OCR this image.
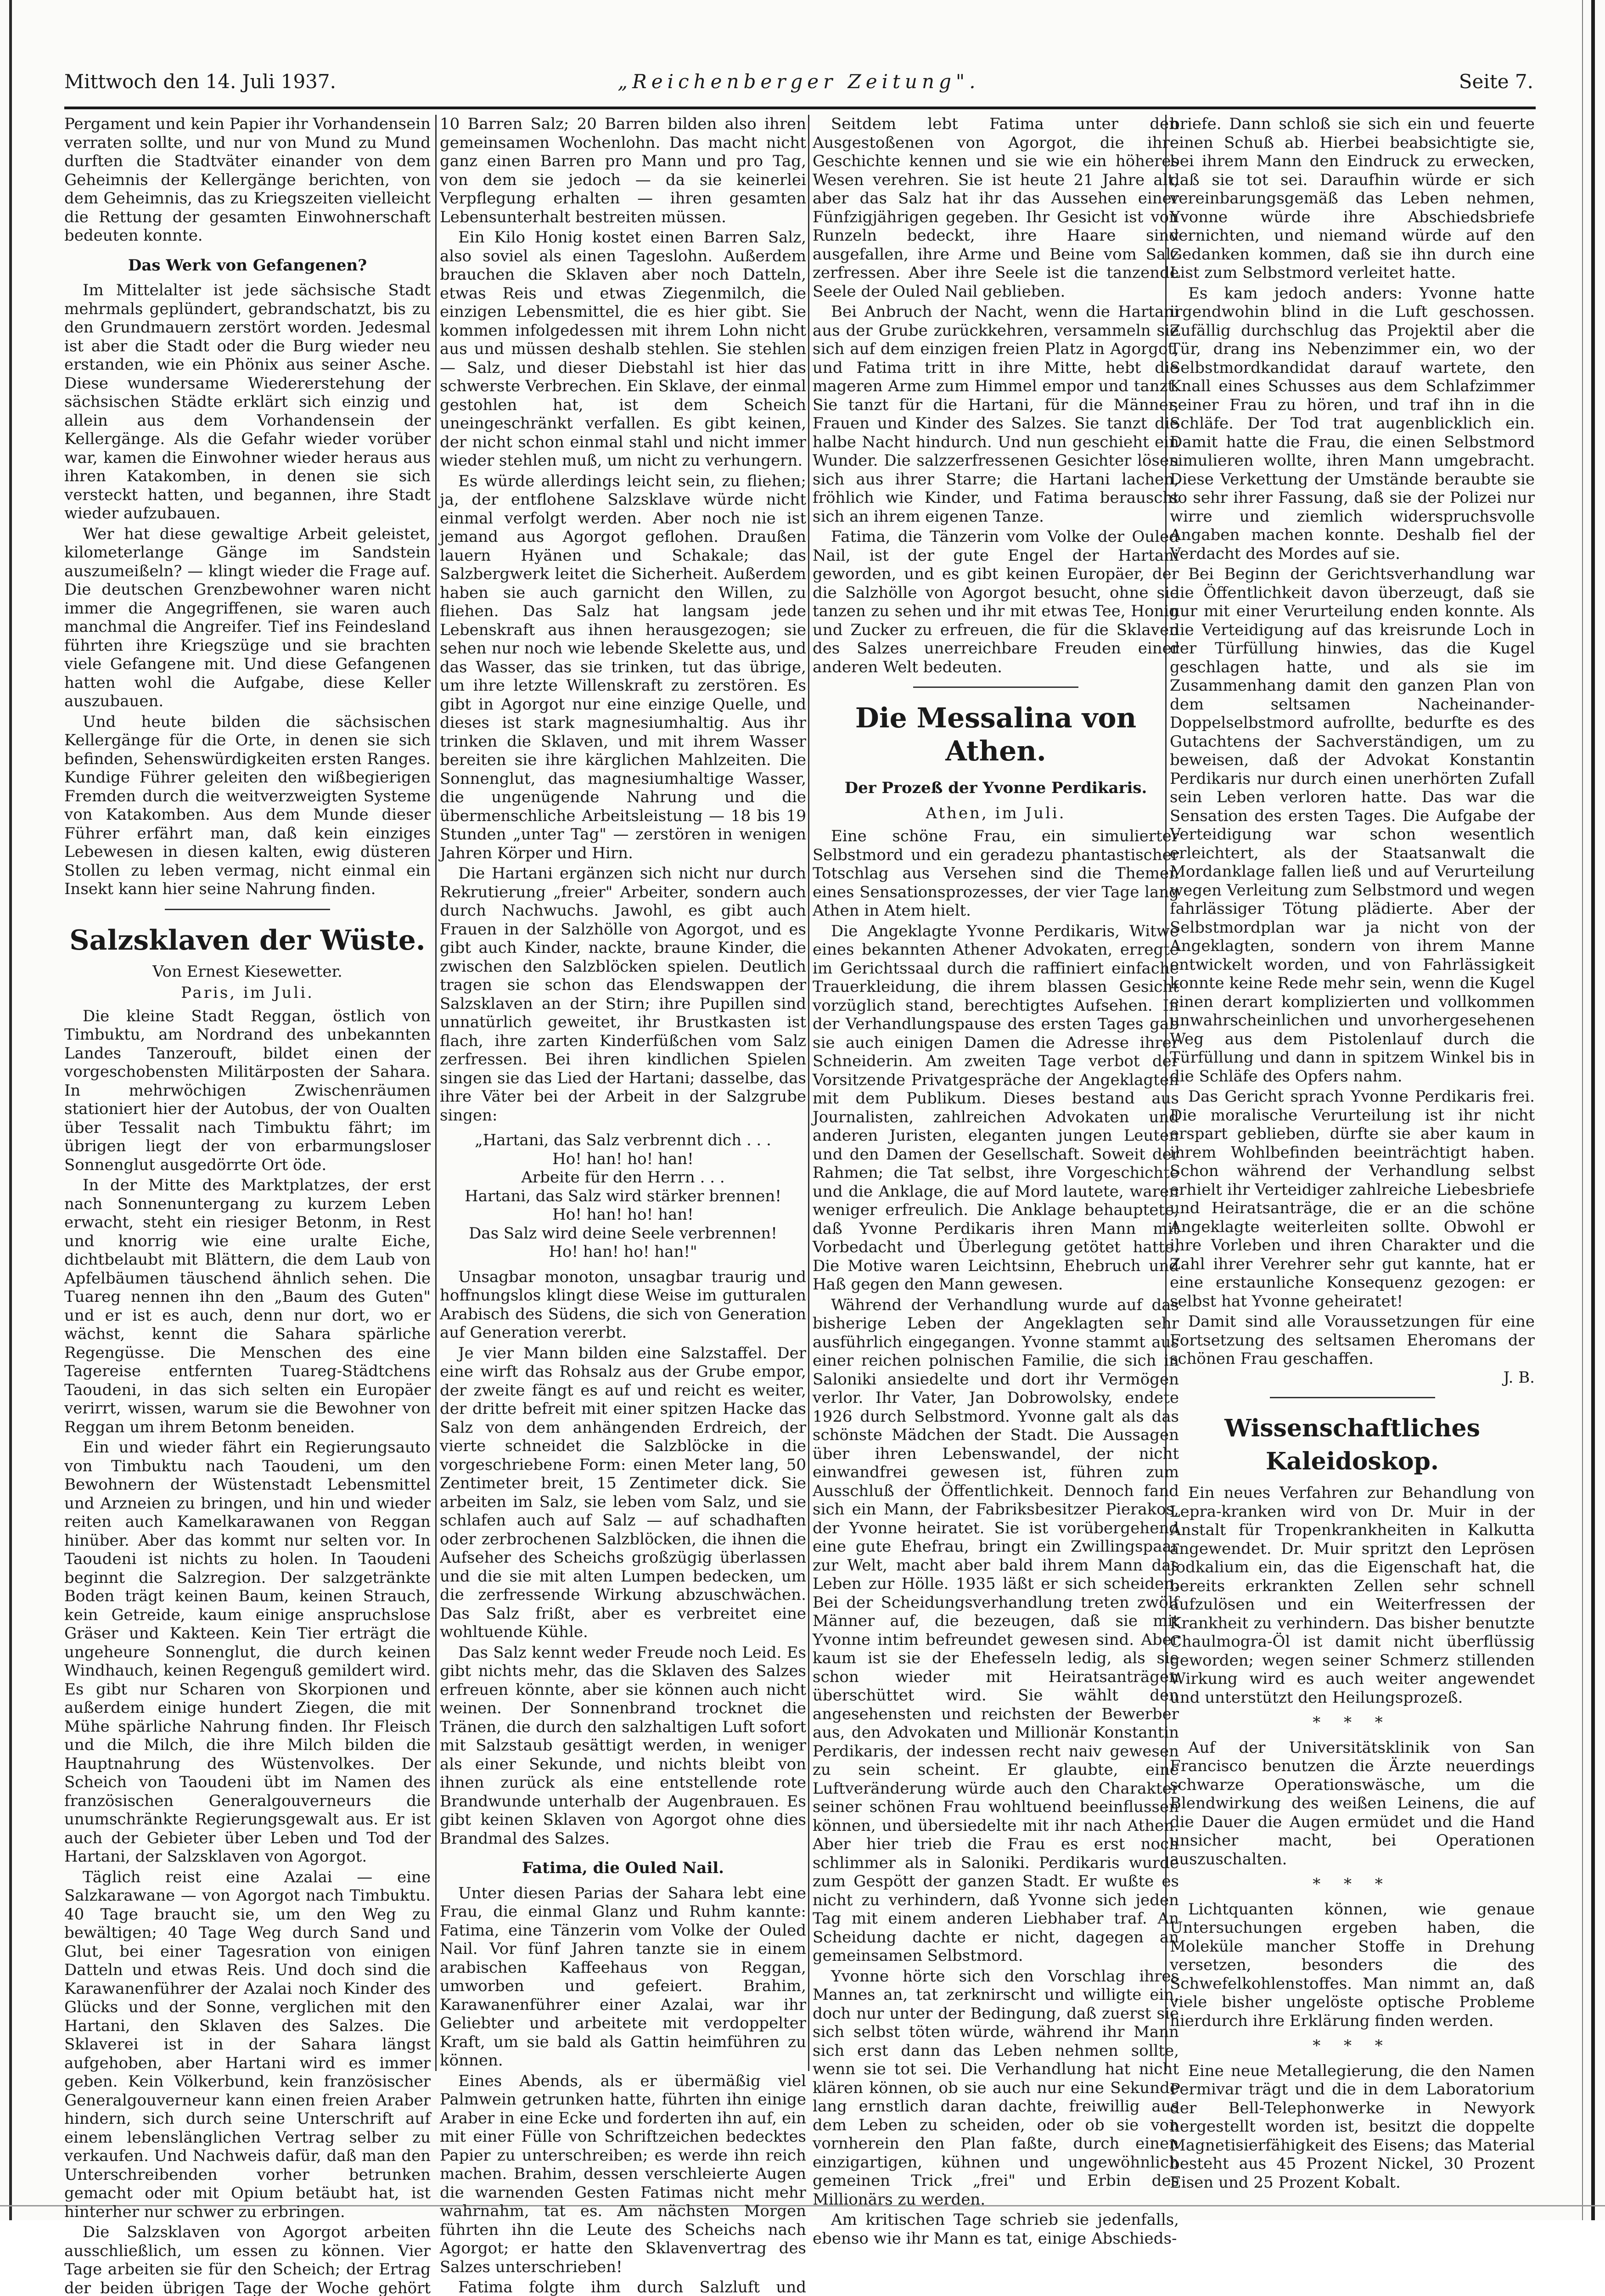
„Reichenberger Zeitung".
Mittwoch den 14. Juli 1937.	Seite 7.

Pergament und kein Papier ihr Vorhandensein verraten sollte, und nur von Mund zu Mund durften die Stadtväter einander von dem Geheimnis der Kellergänge berichten, von dem Geheimnis, das zu Kriegszeiten vielleicht die Rettung der gesamten Einwohnerschaft bedeuten konnte.

Das Werk von Gefangenen?

Im Mittelalter ist jede sächsische Stadt mehrmals geplündert, gebrandschatzt, bis zu den Grundmauern zerstört worden. Jedesmal ist aber die Stadt oder die Burg wieder neu erstanden, wie ein Phönix aus seiner Asche. Diese wundersame Wiedererstehung der sächsischen Städte erklärt sich einzig und allein aus dem Vorhandensein der Kellergänge. Als die Gefahr wieder vorüber war, kamen die Einwohner wieder heraus aus ihren Katakomben, in denen sie sich versteckt hatten, und begannen, ihre Stadt wieder aufzubauen.

Wer hat diese gewaltige Arbeit geleistet, kilometerlange Gänge im Sandstein auszumeißeln? — klingt wieder die Frage auf. Die deutschen Grenzbewohner waren nicht immer die Angegriffenen, sie waren auch manchmal die Angreifer. Tief ins Feindesland führten ihre Kriegszüge und sie brachten viele Gefangene mit. Und diese Gefangenen hatten wohl die Aufgabe, diese Keller auszubauen.

Und heute bilden die sächsischen Kellergänge für die Orte, in denen sie sich befinden, Sehenswürdigkeiten ersten Ranges. Kundige Führer geleiten den wißbegierigen Fremden durch die weitverzweigten Systeme von Katakomben. Aus dem Munde dieser Führer erfährt man, daß kein einziges Lebewesen in diesen kalten, ewig düsteren Stollen zu leben vermag, nicht einmal ein Insekt kann hier seine Nahrung finden.

Salzsklaven der Wüste.
Von Ernest Kiesewetter.
Paris, im Juli.

Die kleine Stadt Reggan, östlich von Timbuktu, am Nordrand des unbekannten Landes Tanzerouft, bildet einen der vorgeschobensten Militärposten der Sahara. In mehrwöchigen Zwischenräumen stationiert hier der Autobus, der von Oualten über Tessalit nach Timbuktu fährt; im übrigen liegt der von erbarmungsloser Sonnenglut ausgedörrte Ort öde.

In der Mitte des Marktplatzes, der erst nach Sonnenuntergang zu kurzem Leben erwacht, steht ein riesiger Betonm, in Rest und knorrig wie eine uralte Eiche, dichtbelaubt mit Blättern, die dem Laub von Apfelbäumen täuschend ähnlich sehen. Die Tuareg nennen ihn den „Baum des Guten" und er ist es auch, denn nur dort, wo er wächst, kennt die Sahara spärliche Regengüsse. Die Menschen des eine Tagereise entfernten Tuareg-Städtchens Taoudeni, in das sich selten ein Europäer verirrt, wissen, warum sie die Bewohner von Reggan um ihrem Betonm beneiden.

Ein und wieder fährt ein Regierungsauto von Timbuktu nach Taoudeni, um den Bewohnern der Wüstenstadt Lebensmittel und Arzneien zu bringen, und hin und wieder reiten auch Kamelkarawanen von Reggan hinüber. Aber das kommt nur selten vor. In Taoudeni ist nichts zu holen. In Taoudeni beginnt die Salzregion. Der salzgetränkte Boden trägt keinen Baum, keinen Strauch, kein Getreide, kaum einige anspruchslose Gräser und Kakteen. Kein Tier erträgt die ungeheure Sonnenglut, die durch keinen Windhauch, keinen Regenguß gemildert wird. Es gibt nur Scharen von Skorpionen und außerdem einige hundert Ziegen, die mit Mühe spärliche Nahrung finden. Ihr Fleisch und die Milch, die ihre Milch bilden die Hauptnahrung des Wüstenvolkes. Der Scheich von Taoudeni übt im Namen des französischen Generalgouverneurs die unumschränkte Regierungsgewalt aus. Er ist auch der Gebieter über Leben und Tod der Hartani, der Salzsklaven von Agorgot.

Täglich reist eine Azalai — eine Salzkarawane — von Agorgot nach Timbuktu. 40 Tage braucht sie, um den Weg zu bewältigen; 40 Tage Weg durch Sand und Glut, bei einer Tagesration von einigen Datteln und etwas Reis. Und doch sind die Karawanenführer der Azalai noch Kinder des Glücks und der Sonne, verglichen mit den Hartani, den Sklaven des Salzes. Die Sklaverei ist in der Sahara längst aufgehoben, aber Hartani wird es immer geben. Kein Völkerbund, kein französischer Generalgouverneur kann einen freien Araber hindern, sich durch seine Unterschrift auf einem lebenslänglichen Vertrag selber zu verkaufen. Und Nachweis dafür, daß man den Unterschreibenden vorher betrunken gemacht oder mit Opium betäubt hat, ist hinterher nur schwer zu erbringen.

Die Salzsklaven von Agorgot arbeiten ausschließlich, um essen zu können. Vier Tage arbeiten sie für den Scheich; der Ertrag der beiden übrigen Tage der Woche gehört

10 Barren Salz; 20 Barren bilden also ihren gemeinsamen Wochenlohn. Das macht nicht ganz einen Barren pro Mann und pro Tag, von dem sie jedoch — da sie keinerlei Verpflegung erhalten — ihren gesamten Lebensunterhalt bestreiten müssen.

Ein Kilo Honig kostet einen Barren Salz, also soviel als einen Tageslohn. Außerdem brauchen die Sklaven aber noch Datteln, etwas Reis und etwas Ziegenmilch, die einzigen Lebensmittel, die es hier gibt. Sie kommen infolgedessen mit ihrem Lohn nicht aus und müssen deshalb stehlen. Sie stehlen — Salz, und dieser Diebstahl ist hier das schwerste Verbrechen. Ein Sklave, der einmal gestohlen hat, ist dem Scheich uneingeschränkt verfallen. Es gibt keinen, der nicht schon einmal stahl und nicht immer wieder stehlen muß, um nicht zu verhungern.

Es würde allerdings leicht sein, zu fliehen; ja, der entflohene Salzsklave würde nicht einmal verfolgt werden. Aber noch nie ist jemand aus Agorgot geflohen. Draußen lauern Hyänen und Schakale; das Salzbergwerk leitet die Sicherheit. Außerdem haben sie auch garnicht den Willen, zu fliehen. Das Salz hat langsam jede Lebenskraft aus ihnen herausgezogen; sie sehen nur noch wie lebende Skelette aus, und das Wasser, das sie trinken, tut das übrige, um ihre letzte Willenskraft zu zerstören. Es gibt in Agorgot nur eine einzige Quelle, und dieses ist stark magnesiumhaltig. Aus ihr trinken die Sklaven, und mit ihrem Wasser bereiten sie ihre kärglichen Mahlzeiten. Die Sonnenglut, das magnesiumhaltige Wasser, die ungenügende Nahrung und die übermenschliche Arbeitsleistung — 18 bis 19 Stunden „unter Tag" — zerstören in wenigen Jahren Körper und Hirn.

Die Hartani ergänzen sich nicht nur durch Rekrutierung „freier" Arbeiter, sondern auch durch Nachwuchs. Jawohl, es gibt auch Frauen in der Salzhölle von Agorgot, und es gibt auch Kinder, nackte, braune Kinder, die zwischen den Salzblöcken spielen. Deutlich tragen sie schon das Elendswappen der Salzsklaven an der Stirn; ihre Pupillen sind unnatürlich geweitet, ihr Brustkasten ist flach, ihre zarten Kinderfüßchen vom Salz zerfressen. Bei ihren kindlichen Spielen singen sie das Lied der Hartani; dasselbe, das ihre Väter bei der Arbeit in der Salzgrube singen:

„Hartani, das Salz verbrennt dich . . .
Ho! han! ho! han!
Arbeite für den Herrn . . .
Hartani, das Salz wird stärker brennen!
Ho! han! ho! han!
Das Salz wird deine Seele verbrennen!
Ho! han! ho! han!"

Unsagbar monoton, unsagbar traurig und hoffnungslos klingt diese Weise im gutturalen Arabisch des Südens, die sich von Generation auf Generation vererbt.

Je vier Mann bilden eine Salzstaffel. Der eine wirft das Rohsalz aus der Grube empor, der zweite fängt es auf und reicht es weiter, der dritte befreit mit einer spitzen Hacke das Salz von dem anhängenden Erdreich, der vierte schneidet die Salzblöcke in die vorgeschriebene Form: einen Meter lang, 50 Zentimeter breit, 15 Zentimeter dick. Sie arbeiten im Salz, sie leben vom Salz, und sie schlafen auch auf Salz — auf schadhaften oder zerbrochenen Salzblöcken, die ihnen die Aufseher des Scheichs großzügig überlassen und die sie mit alten Lumpen bedecken, um die zerfressende Wirkung abzuschwächen. Das Salz frißt, aber es verbreitet eine wohltuende Kühle.

Das Salz kennt weder Freude noch Leid. Es gibt nichts mehr, das die Sklaven des Salzes erfreuen könnte, aber sie können auch nicht weinen. Der Sonnenbrand trocknet die Tränen, die durch den salzhaltigen Luft sofort mit Salzstaub gesättigt werden, in weniger als einer Sekunde, und nichts bleibt von ihnen zurück als eine entstellende rote Brandwunde unterhalb der Augenbrauen. Es gibt keinen Sklaven von Agorgot ohne dies Brandmal des Salzes.

Fatima, die Ouled Nail.

Unter diesen Parias der Sahara lebt eine Frau, die einmal Glanz und Ruhm kannte: Fatima, eine Tänzerin vom Volke der Ouled Nail. Vor fünf Jahren tanzte sie in einem arabischen Kaffeehaus von Reggan, umworben und gefeiert. Brahim, Karawanenführer einer Azalai, war ihr Geliebter und arbeitete mit verdoppelter Kraft, um sie bald als Gattin heimführen zu können.

Eines Abends, als er übermäßig viel Palmwein getrunken hatte, führten ihn einige Araber in eine Ecke und forderten ihn auf, ein mit einer Fülle von Schriftzeichen bedecktes Papier zu unterschreiben; es werde ihn reich machen. Brahim, dessen verschleierte Augen die warnenden Gesten Fatimas nicht mehr wahrnahm, tat es. Am nächsten Morgen führten ihn die Leute des Scheichs nach Agorgot; er hatte den Sklavenvertrag des Salzes unterschrieben!

Fatima folgte ihm durch Salzluft und

Seitdem lebt Fatima unter den Ausgestoßenen von Agorgot, die ihre Geschichte kennen und sie wie ein höheres Wesen verehren. Sie ist heute 21 Jahre alt, aber das Salz hat ihr das Aussehen einer Fünfzigjährigen gegeben. Ihr Gesicht ist von Runzeln bedeckt, ihre Haare sind ausgefallen, ihre Arme und Beine vom Salz zerfressen. Aber ihre Seele ist die tanzende Seele der Ouled Nail geblieben.

Bei Anbruch der Nacht, wenn die Hartani aus der Grube zurückkehren, versammeln sie sich auf dem einzigen freien Platz in Agorgot, und Fatima tritt in ihre Mitte, hebt die mageren Arme zum Himmel empor und tanzt. Sie tanzt für die Hartani, für die Männer, Frauen und Kinder des Salzes. Sie tanzt die halbe Nacht hindurch. Und nun geschieht ein Wunder. Die salzzerfressenen Gesichter lösen sich aus ihrer Starre; die Hartani lachen, fröhlich wie Kinder, und Fatima berauscht sich an ihrem eigenen Tanze.

Fatima, die Tänzerin vom Volke der Ouled Nail, ist der gute Engel der Hartani geworden, und es gibt keinen Europäer, der die Salzhölle von Agorgot besucht, ohne sie tanzen zu sehen und ihr mit etwas Tee, Honig und Zucker zu erfreuen, die für die Sklaven des Salzes unerreichbare Freuden einer anderen Welt bedeuten.

Die Messalina von Athen.
Der Prozeß der Yvonne Perdikaris.
Athen, im Juli.

Eine schöne Frau, ein simulierter Selbstmord und ein geradezu phantastischer Totschlag aus Versehen sind die Themen eines Sensationsprozesses, der vier Tage lang Athen in Atem hielt.

Die Angeklagte Yvonne Perdikaris, Witwe eines bekannten Athener Advokaten, erregte im Gerichtssaal durch die raffiniert einfache Trauerkleidung, die ihrem blassen Gesicht vorzüglich stand, berechtigtes Aufsehen. In der Verhandlungspause des ersten Tages gab sie auch einigen Damen die Adresse ihrer Schneiderin. Am zweiten Tage verbot der Vorsitzende Privatgespräche der Angeklagten mit dem Publikum. Dieses bestand aus Journalisten, zahlreichen Advokaten und anderen Juristen, eleganten jungen Leuten und den Damen der Gesellschaft. Soweit der Rahmen; die Tat selbst, ihre Vorgeschichte und die Anklage, die auf Mord lautete, waren weniger erfreulich. Die Anklage behauptete, daß Yvonne Perdikaris ihren Mann mit Vorbedacht und Überlegung getötet hatte. Die Motive waren Leichtsinn, Ehebruch und Haß gegen den Mann gewesen.

Während der Verhandlung wurde auf das bisherige Leben der Angeklagten sehr ausführlich eingegangen. Yvonne stammt aus einer reichen polnischen Familie, die sich in Saloniki ansiedelte und dort ihr Vermögen verlor. Ihr Vater, Jan Dobrowolsky, endete 1926 durch Selbstmord. Yvonne galt als das schönste Mädchen der Stadt. Die Aussagen über ihren Lebenswandel, der nicht einwandfrei gewesen ist, führen zum Ausschluß der Öffentlichkeit. Dennoch fand sich ein Mann, der Fabriksbesitzer Pierakos, der Yvonne heiratet. Sie ist vorübergehend eine gute Ehefrau, bringt ein Zwillingspaar zur Welt, macht aber bald ihrem Mann das Leben zur Hölle. 1935 läßt er sich scheiden. Bei der Scheidungsverhandlung treten zwölf Männer auf, die bezeugen, daß sie mit Yvonne intim befreundet gewesen sind. Aber kaum ist sie der Ehefesseln ledig, als sie schon wieder mit Heiratsanträgen überschüttet wird. Sie wählt den angesehensten und reichsten der Bewerber aus, den Advokaten und Millionär Konstantin Perdikaris, der indessen recht naiv gewesen zu sein scheint. Er glaubte, eine Luftveränderung würde auch den Charakter seiner schönen Frau wohltuend beeinflussen können, und übersiedelte mit ihr nach Athen. Aber hier trieb die Frau es erst noch schlimmer als in Saloniki. Perdikaris wurde zum Gespött der ganzen Stadt. Er wußte es nicht zu verhindern, daß Yvonne sich jeden Tag mit einem anderen Liebhaber traf. An Scheidung dachte er nicht, dagegen an gemeinsamen Selbstmord.

Yvonne hörte sich den Vorschlag ihres Mannes an, tat zerknirscht und willigte ein, doch nur unter der Bedingung, daß zuerst sie sich selbst töten würde, während ihr Mann sich erst dann das Leben nehmen sollte, wenn sie tot sei. Die Verhandlung hat nicht klären können, ob sie auch nur eine Sekunde lang ernstlich daran dachte, freiwillig aus dem Leben zu scheiden, oder ob sie von vornherein den Plan faßte, durch einen einzigartigen, kühnen und ungewöhnlich gemeinen Trick „frei" und Erbin des Millionärs zu werden.

Am kritischen Tage schrieb sie jedenfalls, ebenso wie ihr Mann es tat, einige Abschieds-

briefe. Dann schloß sie sich ein und feuerte einen Schuß ab. Hierbei beabsichtigte sie, bei ihrem Mann den Eindruck zu erwecken, daß sie tot sei. Daraufhin würde er sich vereinbarungsgemäß das Leben nehmen, Yvonne würde ihre Abschiedsbriefe vernichten, und niemand würde auf den Gedanken kommen, daß sie ihn durch eine List zum Selbstmord verleitet hatte.

Es kam jedoch anders: Yvonne hatte irgendwohin blind in die Luft geschossen. Zufällig durchschlug das Projektil aber die Tür, drang ins Nebenzimmer ein, wo der Selbstmordkandidat darauf wartete, den Knall eines Schusses aus dem Schlafzimmer seiner Frau zu hören, und traf ihn in die Schläfe. Der Tod trat augenblicklich ein. Damit hatte die Frau, die einen Selbstmord simulieren wollte, ihren Mann umgebracht. Diese Verkettung der Umstände beraubte sie so sehr ihrer Fassung, daß sie der Polizei nur wirre und ziemlich widerspruchsvolle Angaben machen konnte. Deshalb fiel der Verdacht des Mordes auf sie.

Bei Beginn der Gerichtsverhandlung war die Öffentlichkeit davon überzeugt, daß sie nur mit einer Verurteilung enden konnte. Als die Verteidigung auf das kreisrunde Loch in der Türfüllung hinwies, das die Kugel geschlagen hatte, und als sie im Zusammenhang damit den ganzen Plan von dem seltsamen Nacheinander-Doppelselbstmord aufrollte, bedurfte es des Gutachtens der Sachverständigen, um zu beweisen, daß der Advokat Konstantin Perdikaris nur durch einen unerhörten Zufall sein Leben verloren hatte. Das war die Sensation des ersten Tages. Die Aufgabe der Verteidigung war schon wesentlich erleichtert, als der Staatsanwalt die Mordanklage fallen ließ und auf Verurteilung wegen Verleitung zum Selbstmord und wegen fahrlässiger Tötung plädierte. Aber der Selbstmordplan war ja nicht von der Angeklagten, sondern von ihrem Manne entwickelt worden, und von Fahrlässigkeit konnte keine Rede mehr sein, wenn die Kugel einen derart komplizierten und vollkommen unwahrscheinlichen und unvorhergesehenen Weg aus dem Pistolenlauf durch die Türfüllung und dann in spitzem Winkel bis in die Schläfe des Opfers nahm.

Das Gericht sprach Yvonne Perdikaris frei. Die moralische Verurteilung ist ihr nicht erspart geblieben, dürfte sie aber kaum in ihrem Wohlbefinden beeinträchtigt haben. Schon während der Verhandlung selbst erhielt ihr Verteidiger zahlreiche Liebesbriefe und Heiratsanträge, die er an die schöne Angeklagte weiterleiten sollte. Obwohl er ihre Vorleben und ihren Charakter und die Zahl ihrer Verehrer sehr gut kannte, hat er eine erstaunliche Konsequenz gezogen: er selbst hat Yvonne geheiratet!

Damit sind alle Voraussetzungen für eine Fortsetzung des seltsamen Eheromans der schönen Frau geschaffen.

J. B.
Wissenschaftliches Kaleidoskop.

Ein neues Verfahren zur Behandlung von Lepra-kranken wird von Dr. Muir in der Anstalt für Tropenkrankheiten in Kalkutta angewendet. Dr. Muir spritzt den Leprösen Jodkalium ein, das die Eigenschaft hat, die bereits erkrankten Zellen sehr schnell aufzulösen und ein Weiterfressen der Krankheit zu verhindern. Das bisher benutzte Chaulmogra-Öl ist damit nicht überflüssig geworden; wegen seiner Schmerz stillenden Wirkung wird es auch weiter angewendet und unterstützt den Heilungsprozeß.

* * *

Auf der Universitätsklinik von San Francisco benutzen die Ärzte neuerdings schwarze Operationswäsche, um die Blendwirkung des weißen Leinens, die auf die Dauer die Augen ermüdet und die Hand unsicher macht, bei Operationen auszuschalten.

* * *

Lichtquanten können, wie genaue Untersuchungen ergeben haben, die Moleküle mancher Stoffe in Drehung versetzen, besonders die des Schwefelkohlenstoffes. Man nimmt an, daß viele bisher ungelöste optische Probleme hierdurch ihre Erklärung finden werden.

* * *

Eine neue Metallegierung, die den Namen Permivar trägt und die in dem Laboratorium der Bell-Telephonwerke in Newyork hergestellt worden ist, besitzt die doppelte Magnetisierfähigkeit des Eisens; das Material besteht aus 45 Prozent Nickel, 30 Prozent Eisen und 25 Prozent Kobalt.
